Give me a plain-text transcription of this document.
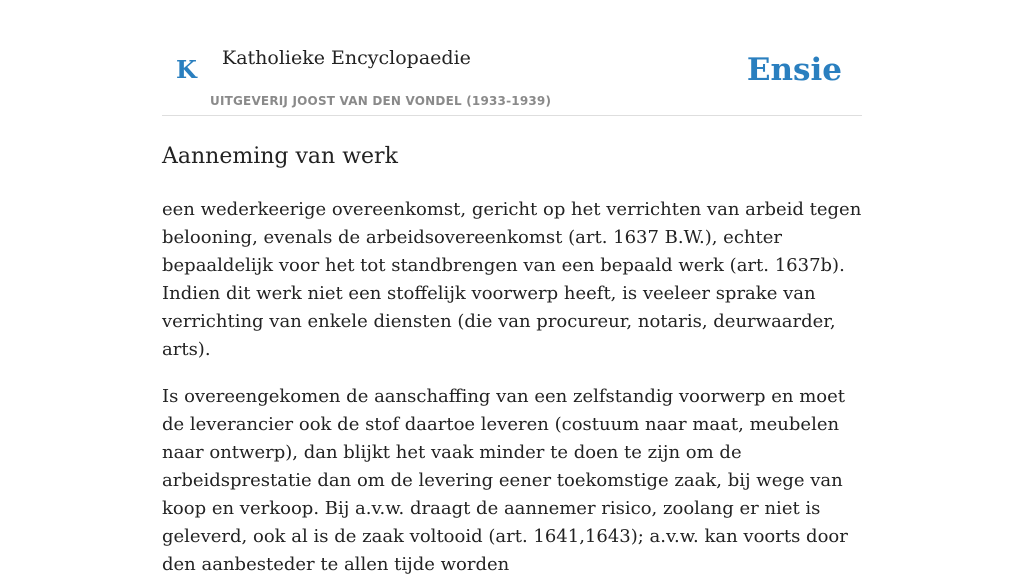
K Katholieke Encyclopaedie
UITGEVERIJ JOOST VAN DEN VONDEL (1933-1939)
Ensie
Aanneming van werk

een wederkeerige overeenkomst, gericht op het verrichten van arbeid tegen belooning, evenals de arbeidsovereenkomst (art. 1637 B.W.), echter bepaaldelijk voor het tot standbrengen van een bepaald werk (art. 1637b). Indien dit werk niet een stoffelijk voorwerp heeft, is veeleer sprake van verrichting van enkele diensten (die van procureur, notaris, deurwaarder, arts).

Is overeengekomen de aanschaffing van een zelfstandig voorwerp en moet de leverancier ook de stof daartoe leveren (costuum naar maat, meubelen naar ontwerp), dan blijkt het vaak minder te doen te zijn om de arbeidsprestatie dan om de levering eener toekomstige zaak, bij wege van koop en verkoop. Bij a.v.w. draagt de aannemer risico, zoolang er niet is geleverd, ook al is de zaak voltooid (art. 1641,1643); a.v.w. kan voorts door den aanbesteder te allen tijde worden
